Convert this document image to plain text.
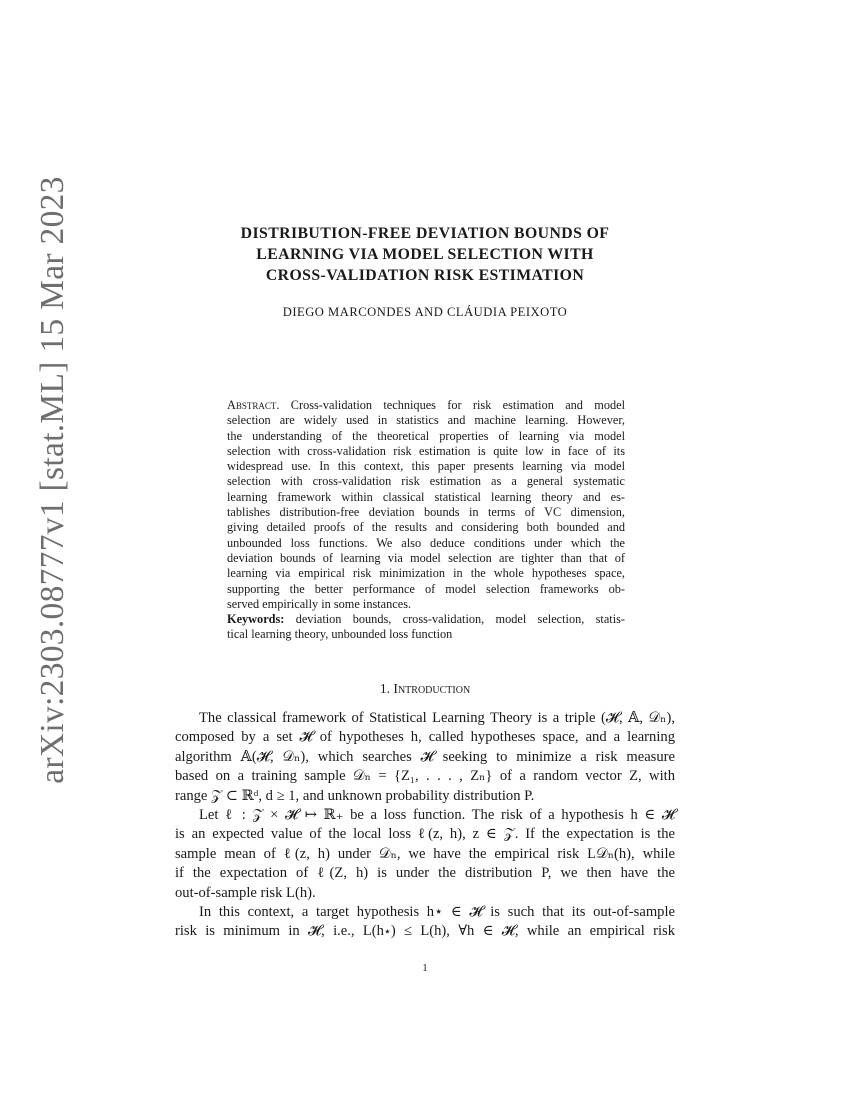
arXiv:2303.08777v1 [stat.ML] 15 Mar 2023	DISTRIBUTION-FREE DEVIATION BOUNDS OF
LEARNING VIA MODEL SELECTION WITH
CROSS-VALIDATION RISK ESTIMATION
DIEGO MARCONDES AND CLÁUDIA PEIXOTO
Abstract. Cross-validation techniques for risk estimation and model
selection are widely used in statistics and machine learning. However,
the understanding of the theoretical properties of learning via model
selection with cross-validation risk estimation is quite low in face of its
widespread use. In this context, this paper presents learning via model
selection with cross-validation risk estimation as a general systematic
learning framework within classical statistical learning theory and es-
tablishes distribution-free deviation bounds in terms of VC dimension,
giving detailed proofs of the results and considering both bounded and
unbounded loss functions. We also deduce conditions under which the
deviation bounds of learning via model selection are tighter than that of
learning via empirical risk minimization in the whole hypotheses space,
supporting the better performance of model selection frameworks ob-
served empirically in some instances.
Keywords: deviation bounds, cross-validation, model selection, statis-
tical learning theory, unbounded loss function
1. Introduction
The classical framework of Statistical Learning Theory is a triple (𝓗, 𝔸, 𝒟ₙ),
composed by a set 𝓗 of hypotheses h, called hypotheses space, and a learning
algorithm 𝔸(𝓗, 𝒟ₙ), which searches 𝓗 seeking to minimize a risk measure
based on a training sample 𝒟ₙ = {Z₁, . . . , Zₙ} of a random vector Z, with
range 𝒵 ⊂ ℝᵈ, d ≥ 1, and unknown probability distribution P.
Let ℓ : 𝒵 × 𝓗 ↦ ℝ₊ be a loss function. The risk of a hypothesis h ∈ 𝓗
is an expected value of the local loss ℓ(z, h), z ∈ 𝒵. If the expectation is the
sample mean of ℓ(z, h) under 𝒟ₙ, we have the empirical risk L𝒟ₙ(h), while
if the expectation of ℓ(Z, h) is under the distribution P, we then have the
out-of-sample risk L(h).
In this context, a target hypothesis h⋆ ∈ 𝓗 is such that its out-of-sample
risk is minimum in 𝓗, i.e., L(h⋆) ≤ L(h), ∀h ∈ 𝓗, while an empirical risk
1
